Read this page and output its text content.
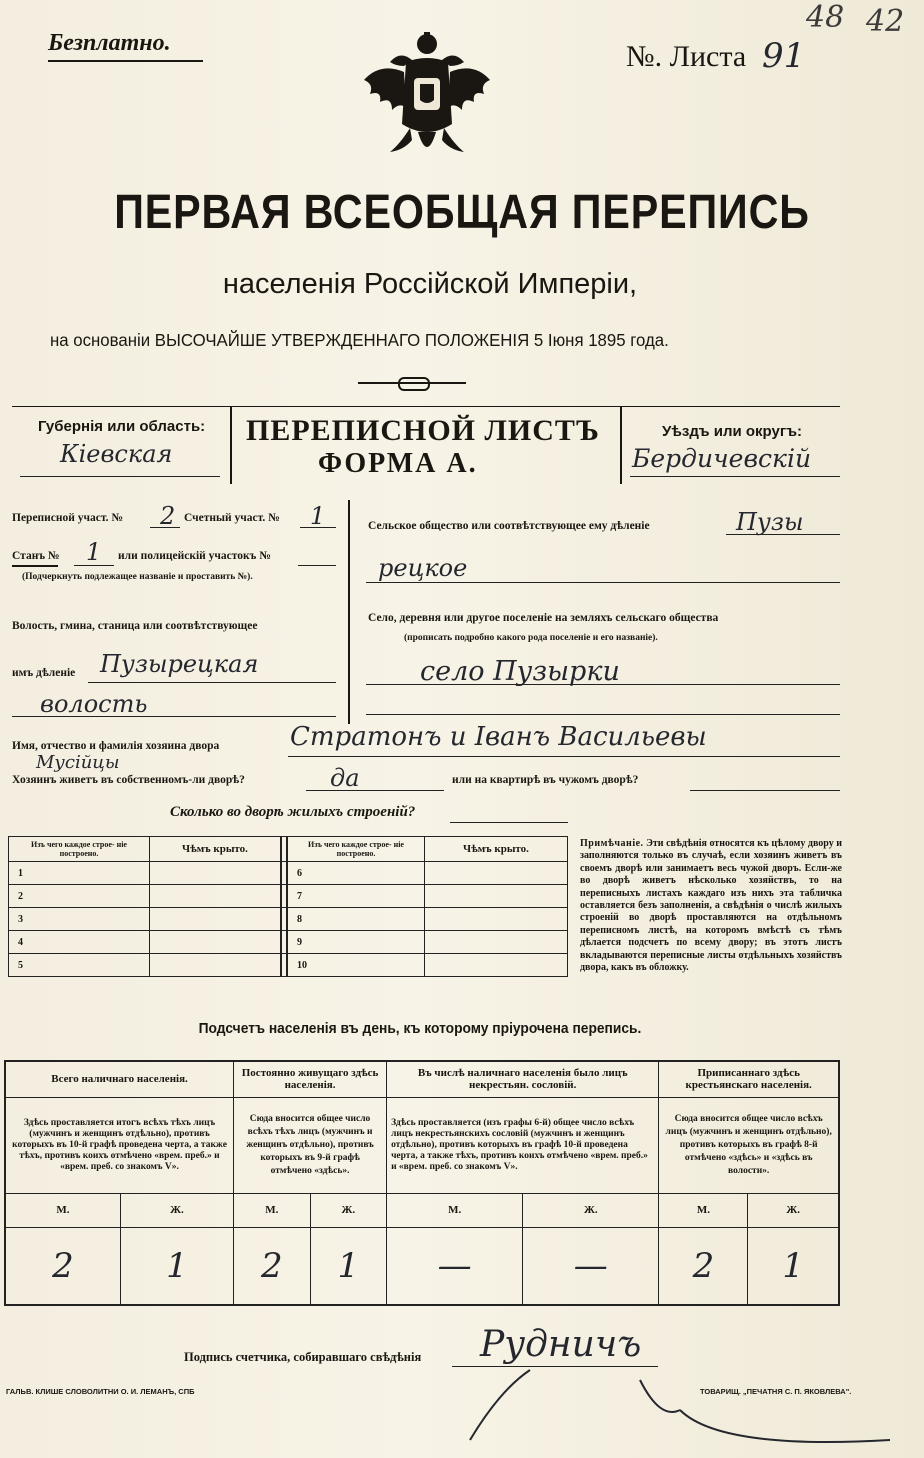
Безплатно.	№. Листа 91
48 42
ПЕРВАЯ ВСЕОБЩАЯ ПЕРЕПИСЬ
населенія Россійской Имперіи,
на основаніи ВЫСОЧАЙШЕ УТВЕРЖДЕННАГО ПОЛОЖЕНІЯ 5 Іюня 1895 года.
Губернія или область:
Кіевская
ПЕРЕПИСНОЙ ЛИСТЪ
ФОРМА А.
Уѣздъ или округъ:
Бердичевскій
Переписной участ. № 2 Счетный участ. № 1
Станъ № 1 или полицейскій участокъ №
(Подчеркнуть подлежащее названіе и проставить №).
Волость, гмина, станица или соотвѣтствующее
имъ дѣленіе Пузырецкая
волость
Сельское общество или соотвѣтствующее ему дѣленіе	Пузы
рецкое
Село, деревня или другое поселеніе на земляхъ сельскаго общества
(прописать подробно какого рода поселеніе и его названіе).
село Пузырки
Имя, отчество и фамилія хозяина двора	Стратонъ и Іванъ Васильевы
Мусійцы
Хозяинъ живетъ въ собственномъ-ли дворѣ?	да	или на квартирѣ въ чужомъ дворѣ?
Сколько во дворѣ жилыхъ строеній?
Изъ чего каждое строе- ніе построено.	Чѣмъ крыто.		Изъ чего каждое строе- ніе построено.	Чѣмъ крыто.
1			6	
2			7	
3			8	
4			9	
5			10	
Примѣчаніе. Эти свѣдѣнія относятся къ цѣлому двору и заполняются только въ случаѣ, если хозяинъ живетъ въ своемъ дворѣ или занимаетъ весь чужой дворъ. Если-же во дворѣ живетъ нѣсколько хозяйствъ, то на переписныхъ листахъ каждаго изъ нихъ эта табличка оставляется безъ заполненія, а свѣдѣнія о числѣ жилыхъ строеній во дворѣ проставляются на отдѣльномъ переписномъ листѣ, на которомъ вмѣстѣ съ тѣмъ дѣлается подсчетъ по всему двору; въ этотъ листъ вкладываются переписные листы отдѣльныхъ хозяйствъ двора, какъ въ обложку.
Подсчетъ населенія въ день, къ которому пріурочена перепись.
Всего наличнаго населенія.		Постоянно живущаго здѣсь населенія.		Въ числѣ наличнаго населенія было лицъ некрестьян. сословій.		Приписаннаго здѣсь крестьянскаго населенія.	
Здѣсь проставляется итогъ всѣхъ тѣхъ лицъ (мужчинъ и женщинъ отдѣльно), противъ которыхъ въ 10-й графѣ проведена черта, а также тѣхъ, противъ коихъ отмѣчено «врем. преб.» и «врем. преб. со знакомъ V».		Сюда вносится общее число всѣхъ тѣхъ лицъ (мужчинъ и женщинъ отдѣльно), противъ которыхъ въ 9-й графѣ отмѣчено «здѣсь».		Здѣсь проставляется (изъ графы 6-й) общее число всѣхъ лицъ некрестьянскихъ сословій (мужчинъ и женщинъ отдѣльно), противъ которыхъ въ графѣ 10-й проведена черта, а также тѣхъ, противъ коихъ отмѣчено «врем. преб.» и «врем. преб. со знакомъ V».		Сюда вносится общее число всѣхъ лицъ (мужчинъ и женщинъ отдѣльно), противъ которыхъ въ графѣ 8-й отмѣчено «здѣсь» и «здѣсь въ волости».	
М.	Ж.	М.	Ж.	М.	Ж.	М.	Ж.
2	1	2	1	—	—	2	1
Подпись счетчика, собиравшаго свѣдѣнія Рудничъ
ГАЛЬВ. КЛИШЕ СЛОВОЛИТНИ О. И. ЛЕМАНЪ, СПБ	ТОВАРИЩ. „ПЕЧАТНЯ С. П. ЯКОВЛЕВА".
